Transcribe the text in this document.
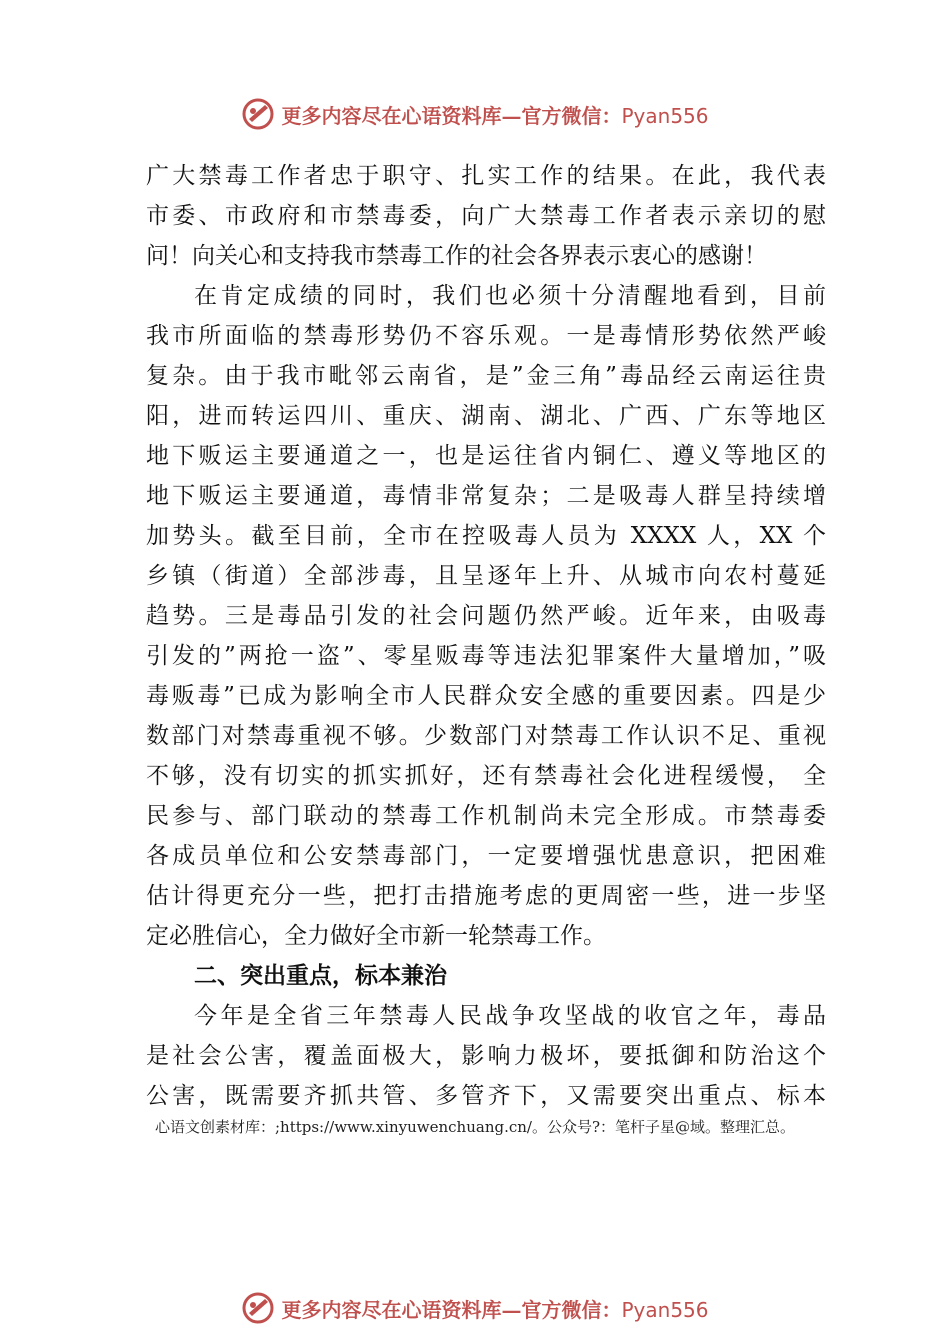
更多内容尽在心语资料库—官方微信：Pyan556
广大禁毒工作者忠于职守、扎实工作的结果。在此，我代表
市委、市政府和市禁毒委，向广大禁毒工作者表示亲切的慰
问！向关心和支持我市禁毒工作的社会各界表示衷心的感谢！
在肯定成绩的同时，我们也必须十分清醒地看到，目前
我市所面临的禁毒形势仍不容乐观。一是毒情形势依然严峻
复杂。由于我市毗邻云南省，是”金三角”毒品经云南运往贵
阳，进而转运四川、重庆、湖南、湖北、广西、广东等地区
地下贩运主要通道之一，也是运往省内铜仁、遵义等地区的
地下贩运主要通道，毒情非常复杂；二是吸毒人群呈持续增
加势头。截至目前，全市在控吸毒人员为 XXXX 人，XX 个
乡镇（街道）全部涉毒，且呈逐年上升、从城市向农村蔓延
趋势。三是毒品引发的社会问题仍然严峻。近年来，由吸毒
引发的”两抢一盗”、零星贩毒等违法犯罪案件大量增加，”吸
毒贩毒”已成为影响全市人民群众安全感的重要因素。四是少
数部门对禁毒重视不够。少数部门对禁毒工作认识不足、重视
不够，没有切实的抓实抓好，还有禁毒社会化进程缓慢， 全
民参与、部门联动的禁毒工作机制尚未完全形成。市禁毒委
各成员单位和公安禁毒部门，一定要增强忧患意识，把困难
估计得更充分一些，把打击措施考虑的更周密一些，进一步坚
定必胜信心，全力做好全市新一轮禁毒工作。
二、突出重点，标本兼治
今年是全省三年禁毒人民战争攻坚战的收官之年，毒品
是社会公害，覆盖面极大，影响力极坏，要抵御和防治这个
公害，既需要齐抓共管、多管齐下，又需要突出重点、标本
心语文创素材库：;https://www.xinyuwenchuang.cn/。公众号?：笔杆子星@域。整理汇总。
更多内容尽在心语资料库—官方微信：Pyan556
